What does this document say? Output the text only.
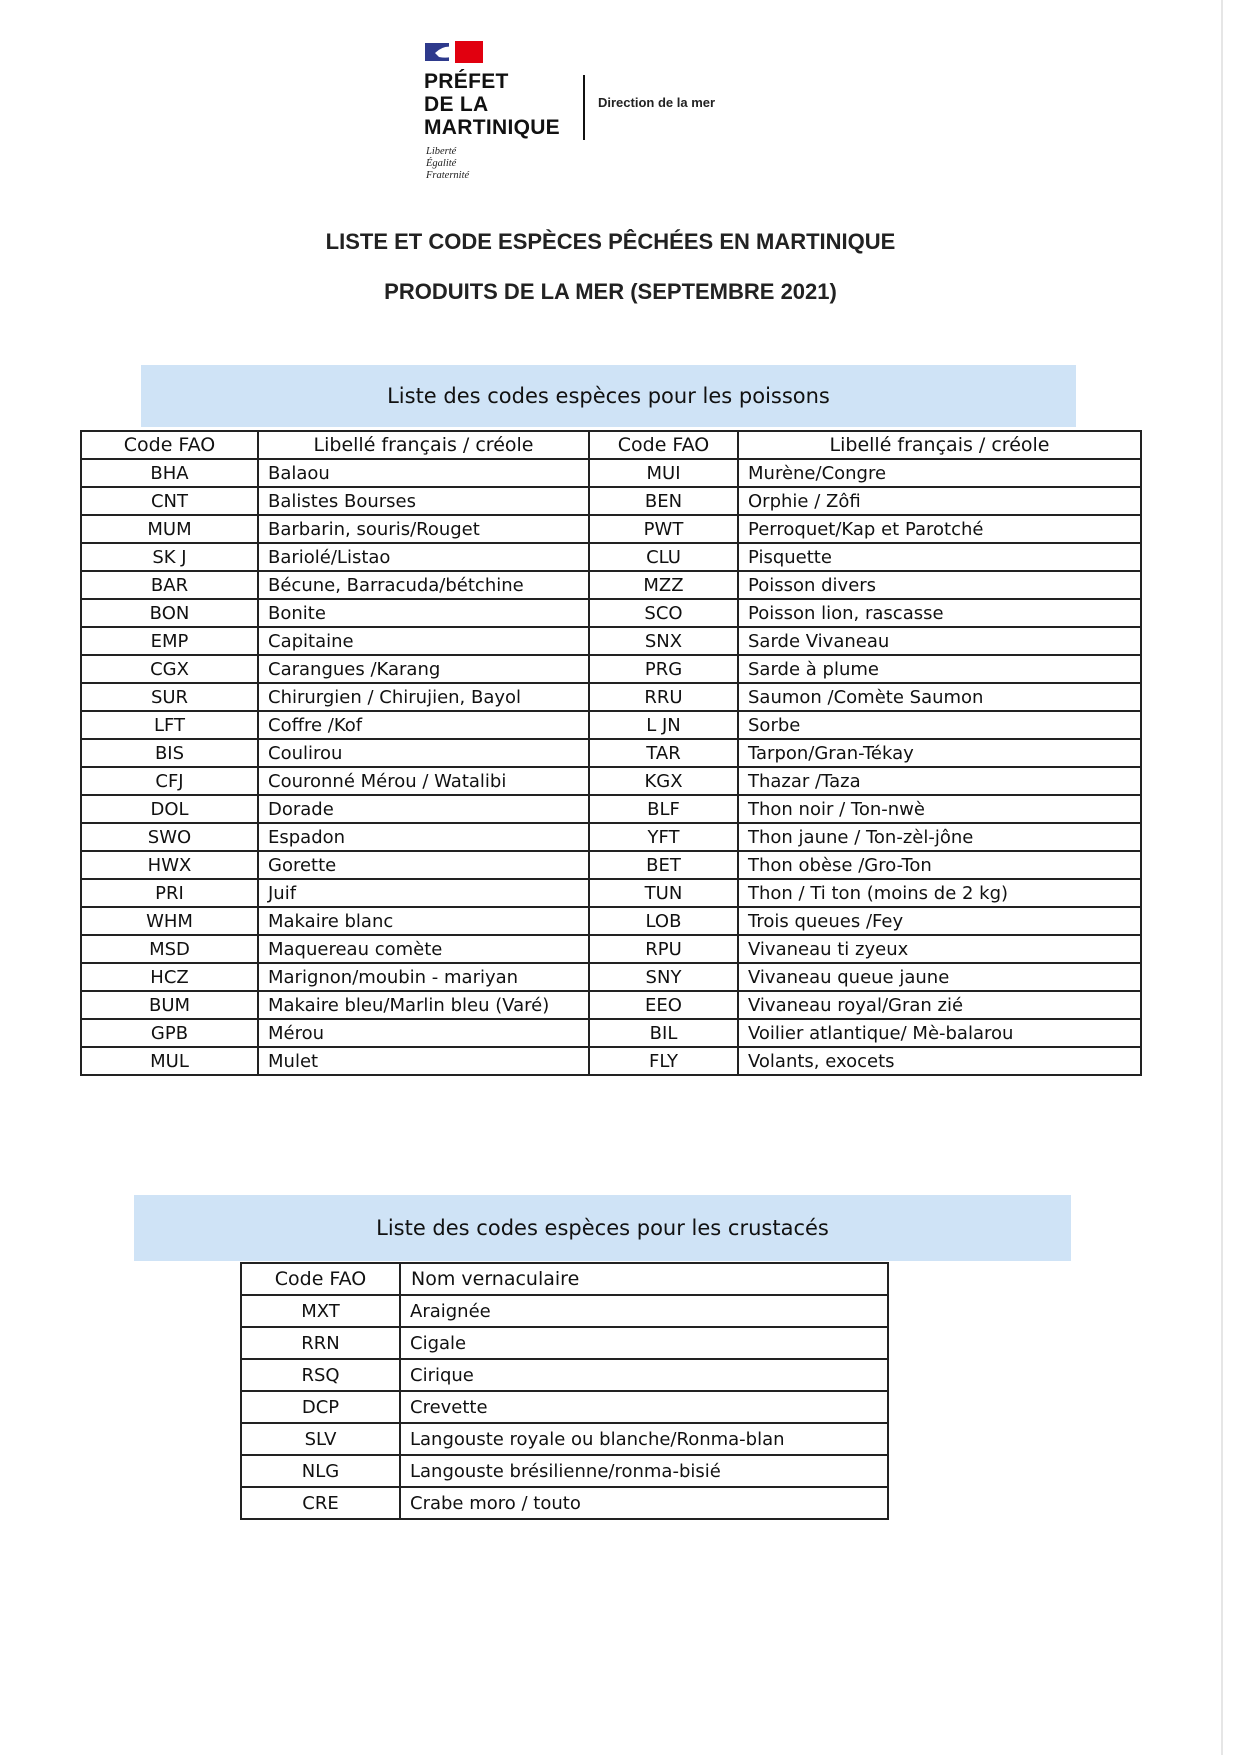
PRÉFET
DE LA
MARTINIQUE
Liberté
Égalité
Fraternité
Direction de la mer
LISTE ET CODE ESPÈCES PÊCHÉES EN MARTINIQUE
PRODUITS DE LA MER (SEPTEMBRE 2021)
Liste des codes espèces pour les poissons
Code FAO	Libellé français / créole	Code FAO	Libellé français / créole
BHA	Balaou	MUI	Murène/Congre
CNT	Balistes Bourses	BEN	Orphie / Zôfi
MUM	Barbarin, souris/Rouget	PWT	Perroquet/Kap et Parotché
SK J	Bariolé/Listao	CLU	Pisquette
BAR	Bécune, Barracuda/bétchine	MZZ	Poisson divers
BON	Bonite	SCO	Poisson lion, rascasse
EMP	Capitaine	SNX	Sarde Vivaneau
CGX	Carangues /Karang	PRG	Sarde à plume
SUR	Chirurgien / Chirujien, Bayol	RRU	Saumon /Comète Saumon
LFT	Coffre /Kof	L JN	Sorbe
BIS	Coulirou	TAR	Tarpon/Gran-Tékay
CFJ	Couronné Mérou / Watalibi	KGX	Thazar /Taza
DOL	Dorade	BLF	Thon noir / Ton-nwè
SWO	Espadon	YFT	Thon jaune / Ton-zèl-jône
HWX	Gorette	BET	Thon obèse /Gro-Ton
PRI	Juif	TUN	Thon / Ti ton (moins de 2 kg)
WHM	Makaire blanc	LOB	Trois queues /Fey
MSD	Maquereau comète	RPU	Vivaneau ti zyeux
HCZ	Marignon/moubin - mariyan	SNY	Vivaneau queue jaune
BUM	Makaire bleu/Marlin bleu (Varé)	EEO	Vivaneau royal/Gran zié
GPB	Mérou	BIL	Voilier atlantique/ Mè-balarou
MUL	Mulet	FLY	Volants, exocets
Liste des codes espèces pour les crustacés
Code FAO	Nom vernaculaire
MXT	Araignée
RRN	Cigale
RSQ	Cirique
DCP	Crevette
SLV	Langouste royale ou blanche/Ronma-blan
NLG	Langouste brésilienne/ronma-bisié
CRE	Crabe moro / touto
